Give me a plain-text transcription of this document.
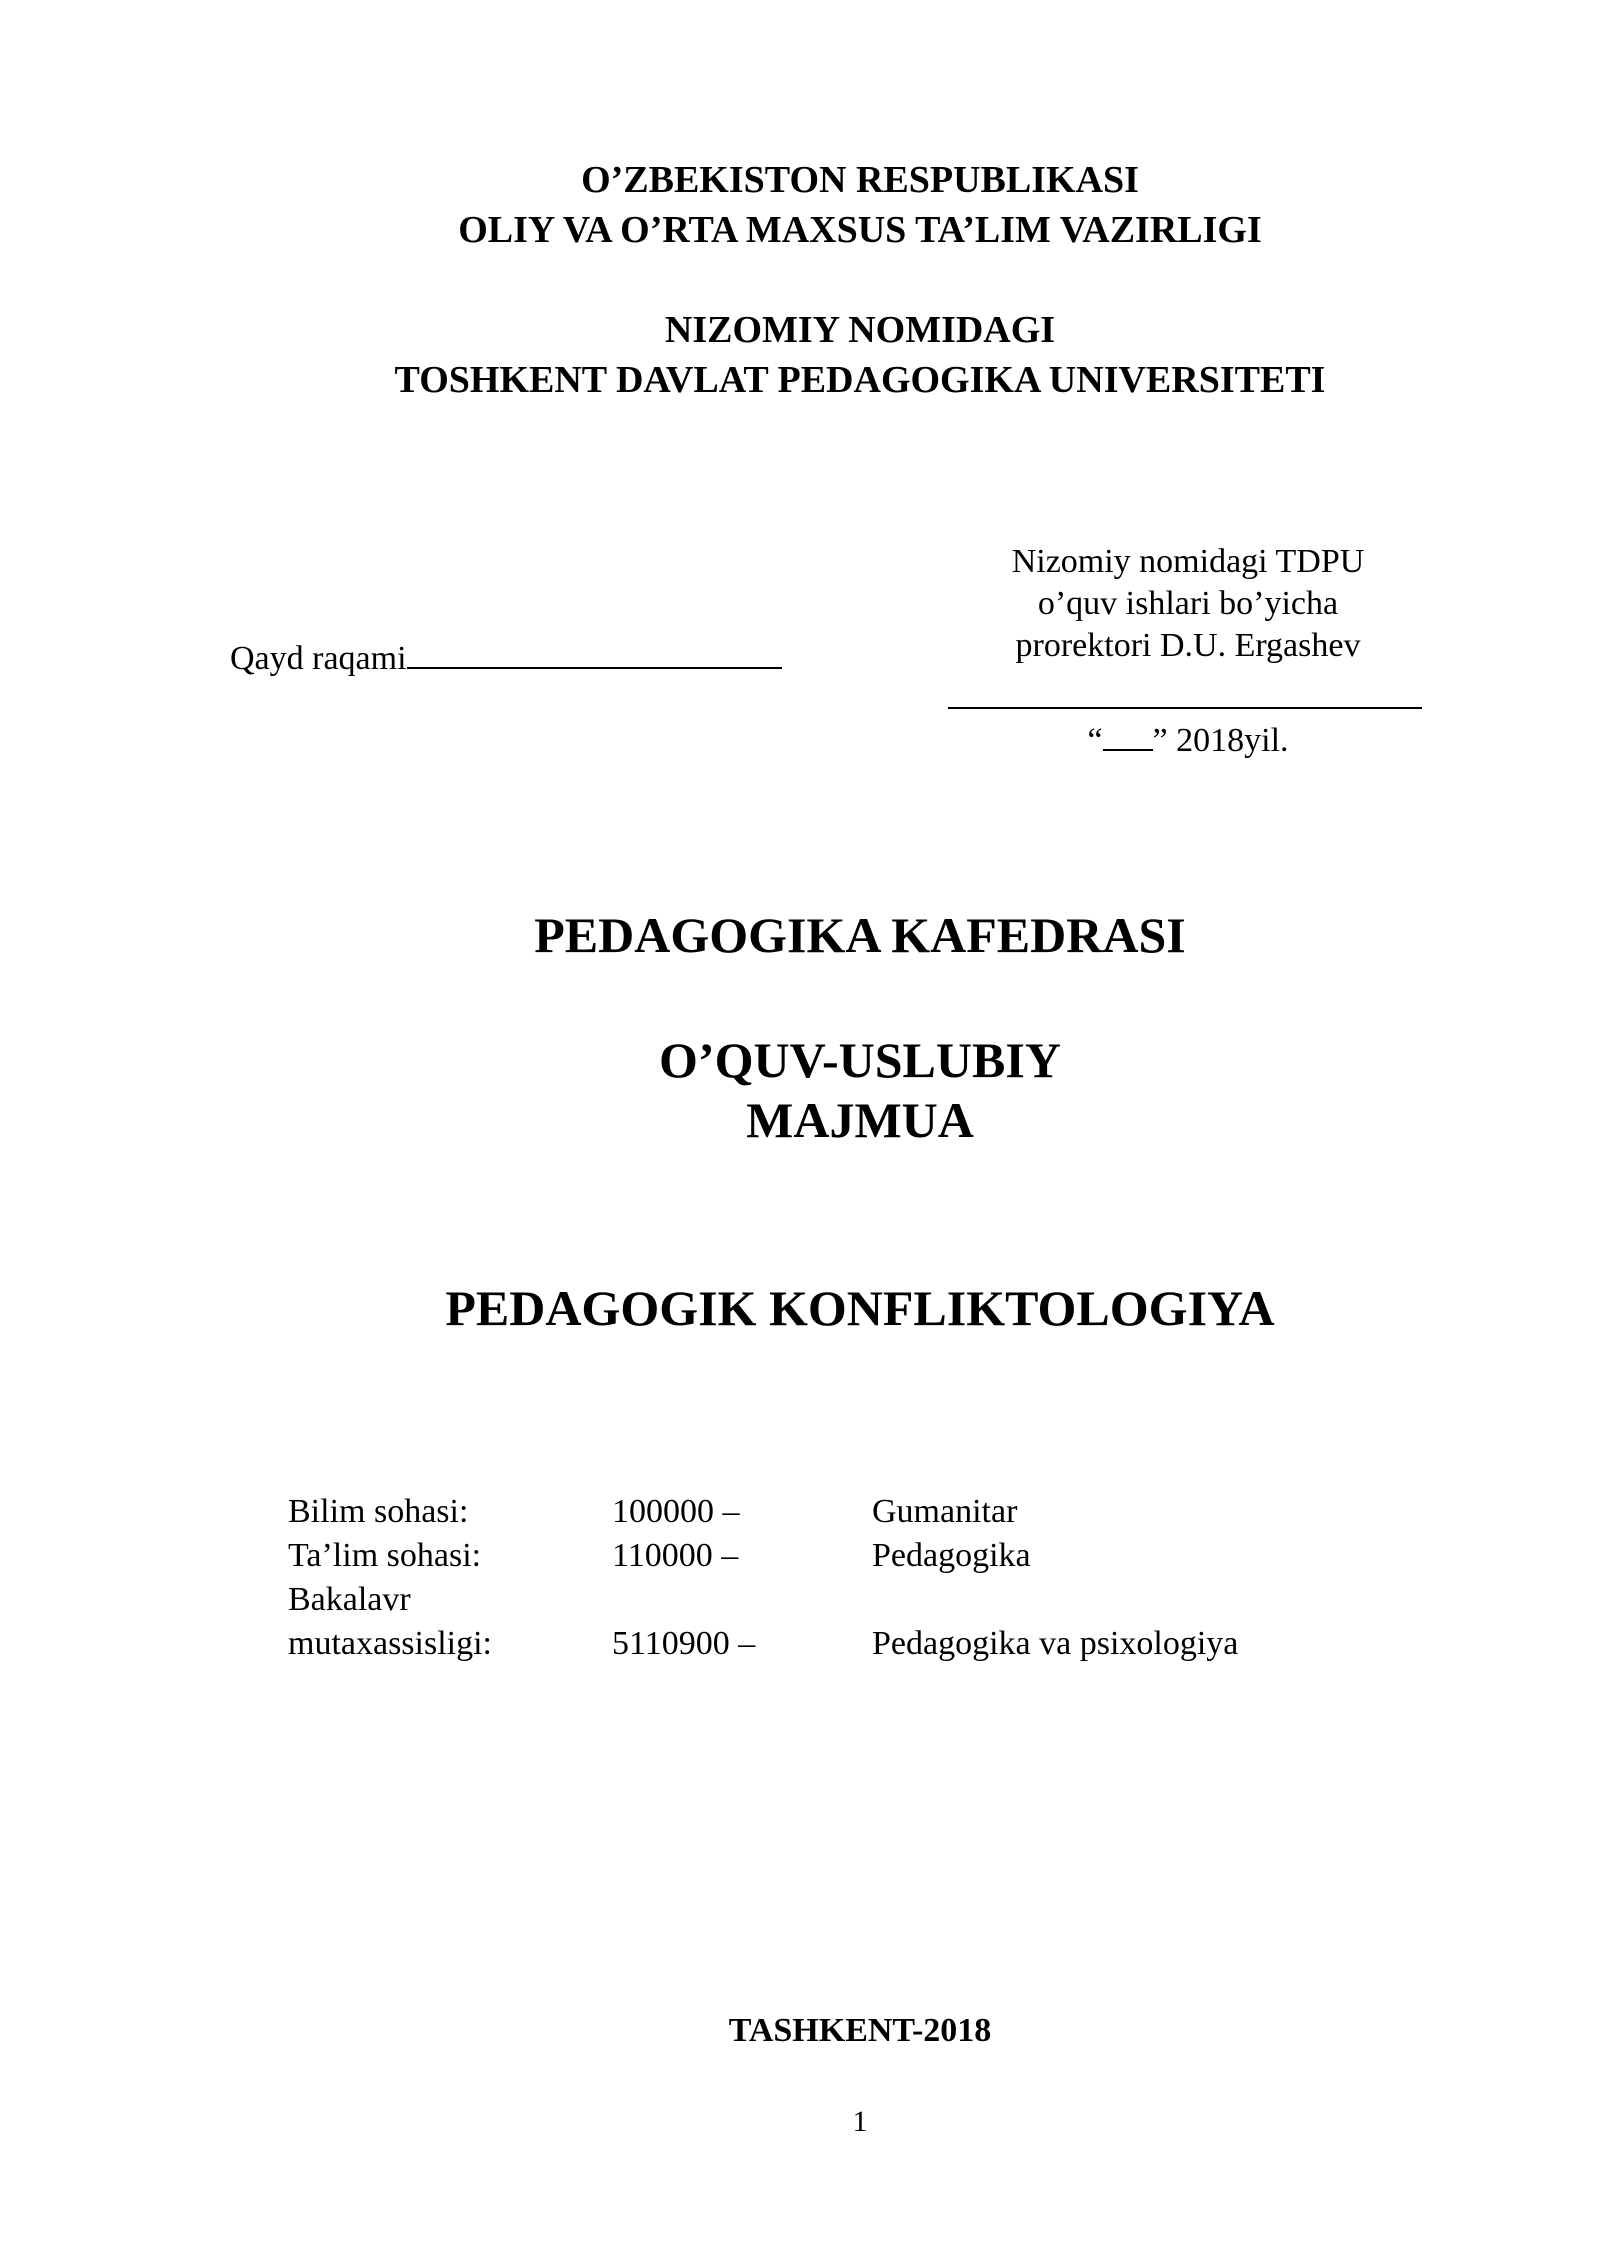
O’ZBEKISTON RESPUBLIKASI
OLIY VA O’RTA MAXSUS TA’LIM VAZIRLIGI
NIZOMIY NOMIDAGI
TOSHKENT DAVLAT PEDAGOGIKA UNIVERSITETI
Nizomiy nomidagi TDPU
o’quv ishlari bo’yicha
prorektori D.U. Ergashev
Qayd raqami
“ ” 2018yil.
PEDAGOGIKA KAFEDRASI
O’QUV-USLUBIY
MAJMUA
PEDAGOGIK KONFLIKTOLOGIYA
Bilim sohasi:	100000 –	Gumanitar
Ta’lim sohasi:	110000 –	Pedagogika
Bakalavr
mutaxassisligi:	5110900 –	Pedagogika va psixologiya
TASHKENT-2018
1
